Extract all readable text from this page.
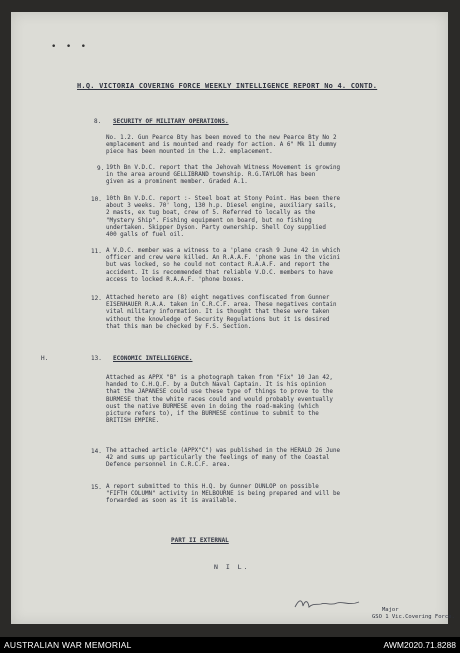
• • •
H.Q. VICTORIA COVERING FORCE WEEKLY INTELLIGENCE REPORT No 4. CONTD.
8. SECURITY OF MILITARY OPERATIONS.

No. 1.2. Gun Pearce Bty has been moved to the new Pearce Bty No 2

emplacement and is mounted and ready for action. A 6" Mk 11 dummy

piece has been mounted in the L.2. emplacement.

9. 19th Bn V.D.C. report that the Jehovah Witness Movement is growing

in the area around GELLIBRAND township. R.G.TAYLOR has been

given as a prominent member. Graded A.1.

10. 10th Bn V.D.C. report :- Steel boat at Stony Point. Has been there

about 3 weeks. 70' long, 130 h.p. Diesel engine, auxiliary sails,

2 masts, ex tug boat, crew of 5. Referred to locally as the

"Mystery Ship". Fishing equipment on board, but no fishing

undertaken. Skipper Dyson. Party ownership. Shell Coy supplied

400 galls of fuel oil.

11. A V.D.C. member was a witness to a 'plane crash 9 June 42 in which

officer and crew were killed. An R.A.A.F. 'phone was in the vicini

but was locked, so he could not contact R.A.A.F. and report the

accident. It is recommended that reliable V.D.C. members to have

access to locked R.A.A.F. 'phone boxes.

12. Attached hereto are (8) eight negatives confiscated from Gunner

EISENHAUER R.A.A. taken in C.R.C.F. area. These negatives contain

vital military information. It is thought that these were taken

without the knowledge of Security Regulations but it is desired

that this man be checked by F.S. Section.

H.	13. ECONOMIC INTELLIGENCE.

Attached as APPX "B" is a photograph taken from "Fix" 10 Jan 42,

handed to C.H.Q.F. by a Dutch Naval Captain. It is his opinion

that the JAPANESE could use these type of things to prove to the

BURMESE that the white races could and would probably eventually

oust the native BURMESE even in doing the road-making (which

picture refers to), if the BURMESE continue to submit to the

BRITISH EMPIRE.

14. The attached article (APPX"C") was published in the HERALD 26 June

42 and sums up particularly the feelings of many of the Coastal

Defence personnel in C.R.C.F. area.

15. A report submitted to this H.Q. by Gunner DUNLOP on possible

"FIFTH COLUMN" activity in MELBOURNE is being prepared and will be

forwarded as soon as it is available.

PART II EXTERNAL
N I L.

Major

GSO 1 Vic.Covering Force.

AUSTRALIAN WAR MEMORIAL	AWM2020.71.8288
